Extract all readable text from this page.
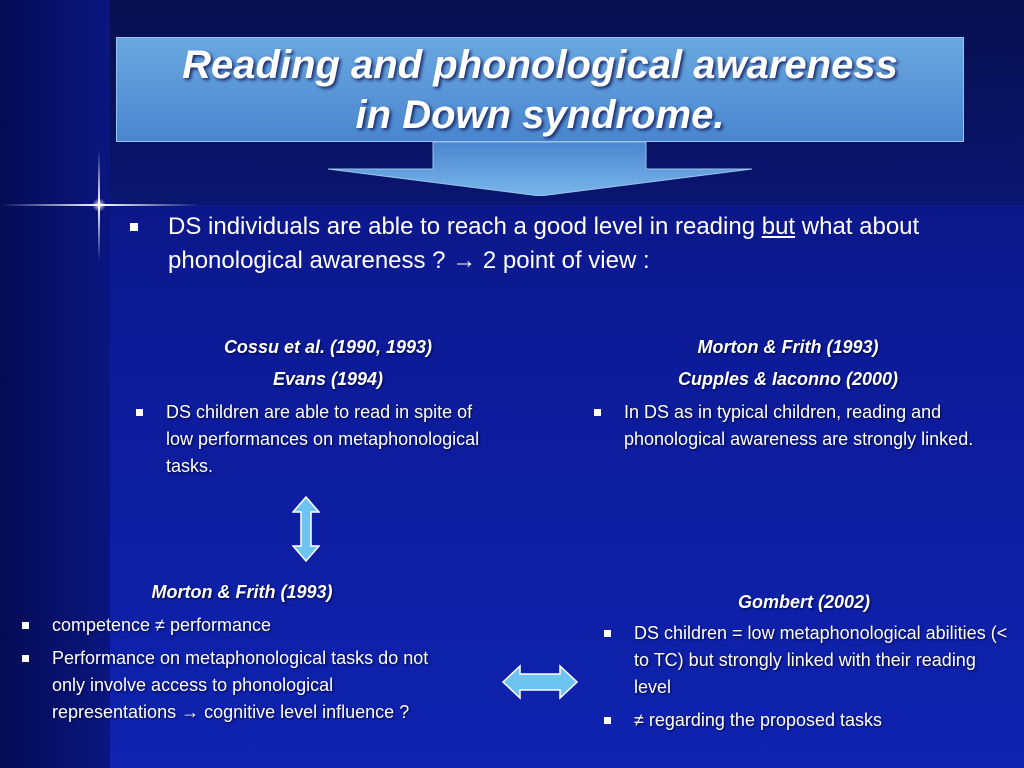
Reading and phonological awareness
in Down syndrome.
DS individuals are able to reach a good level in reading but what about phonological awareness ? → 2 point of view :
Cossu et al. (1990, 1993)
Evans (1994)
DS children are able to read in spite of low performances on metaphonological tasks.
Morton & Frith (1993)
Cupples & Iaconno (2000)
In DS as in typical children, reading and phonological awareness are strongly linked.
Morton & Frith (1993)
competence ≠ performance
Performance on metaphonological tasks do not only involve access to phonological representations → cognitive level influence ?
Gombert (2002)
DS children = low metaphonological abilities (< to TC) but strongly linked with their reading level
≠ regarding the proposed tasks
